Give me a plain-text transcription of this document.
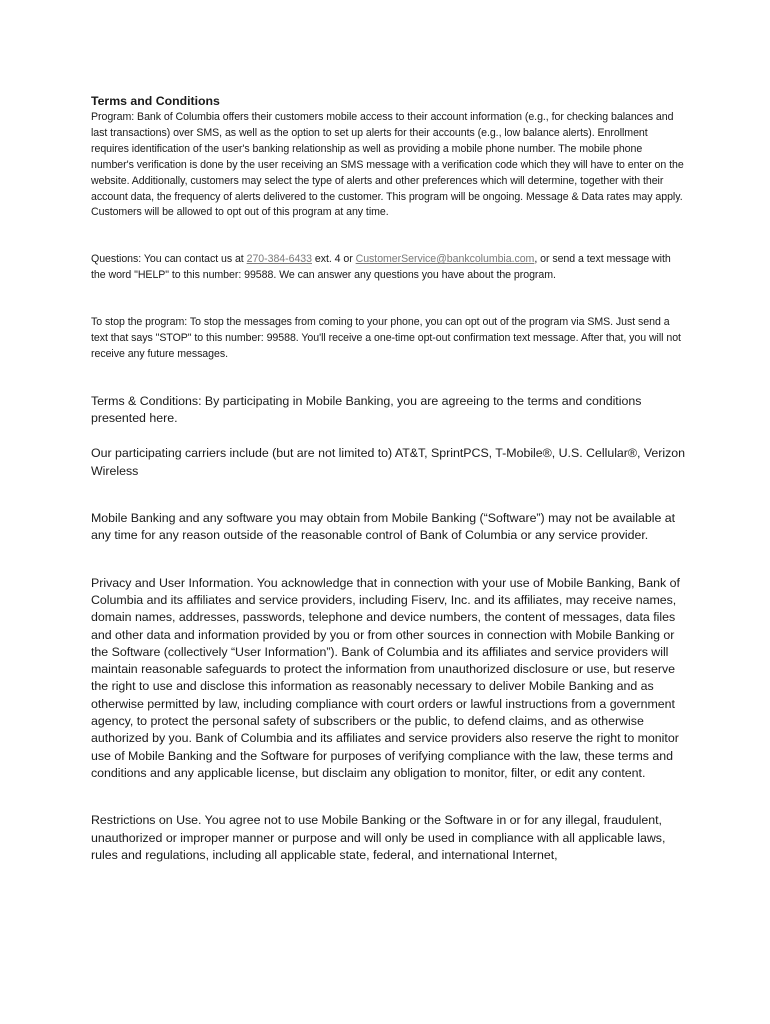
Terms and Conditions

Program: Bank of Columbia offers their customers mobile access to their account information (e.g., for checking balances and last transactions) over SMS, as well as the option to set up alerts for their accounts (e.g., low balance alerts). Enrollment requires identification of the user's banking relationship as well as providing a mobile phone number. The mobile phone number's verification is done by the user receiving an SMS message with a verification code which they will have to enter on the website. Additionally, customers may select the type of alerts and other preferences which will determine, together with their account data, the frequency of alerts delivered to the customer. This program will be ongoing. Message & Data rates may apply. Customers will be allowed to opt out of this program at any time.

Questions: You can contact us at 270-384-6433 ext. 4 or CustomerService@bankcolumbia.com, or send a text message with the word "HELP" to this number: 99588. We can answer any questions you have about the program.

To stop the program: To stop the messages from coming to your phone, you can opt out of the program via SMS. Just send a text that says "STOP" to this number: 99588. You'll receive a one-time opt-out confirmation text message. After that, you will not receive any future messages.

Terms & Conditions: By participating in Mobile Banking, you are agreeing to the terms and conditions presented here.

Our participating carriers include (but are not limited to) AT&T, SprintPCS, T-Mobile®, U.S. Cellular®, Verizon Wireless

Mobile Banking and any software you may obtain from Mobile Banking (“Software”) may not be available at any time for any reason outside of the reasonable control of Bank of Columbia or any service provider.

Privacy and User Information. You acknowledge that in connection with your use of Mobile Banking, Bank of Columbia and its affiliates and service providers, including Fiserv, Inc. and its affiliates, may receive names, domain names, addresses, passwords, telephone and device numbers, the content of messages, data files and other data and information provided by you or from other sources in connection with Mobile Banking or the Software (collectively “User Information”). Bank of Columbia and its affiliates and service providers will maintain reasonable safeguards to protect the information from unauthorized disclosure or use, but reserve the right to use and disclose this information as reasonably necessary to deliver Mobile Banking and as otherwise permitted by law, including compliance with court orders or lawful instructions from a government agency, to protect the personal safety of subscribers or the public, to defend claims, and as otherwise authorized by you. Bank of Columbia and its affiliates and service providers also reserve the right to monitor use of Mobile Banking and the Software for purposes of verifying compliance with the law, these terms and conditions and any applicable license, but disclaim any obligation to monitor, filter, or edit any content.

Restrictions on Use. You agree not to use Mobile Banking or the Software in or for any illegal, fraudulent, unauthorized or improper manner or purpose and will only be used in compliance with all applicable laws, rules and regulations, including all applicable state, federal, and international Internet,
